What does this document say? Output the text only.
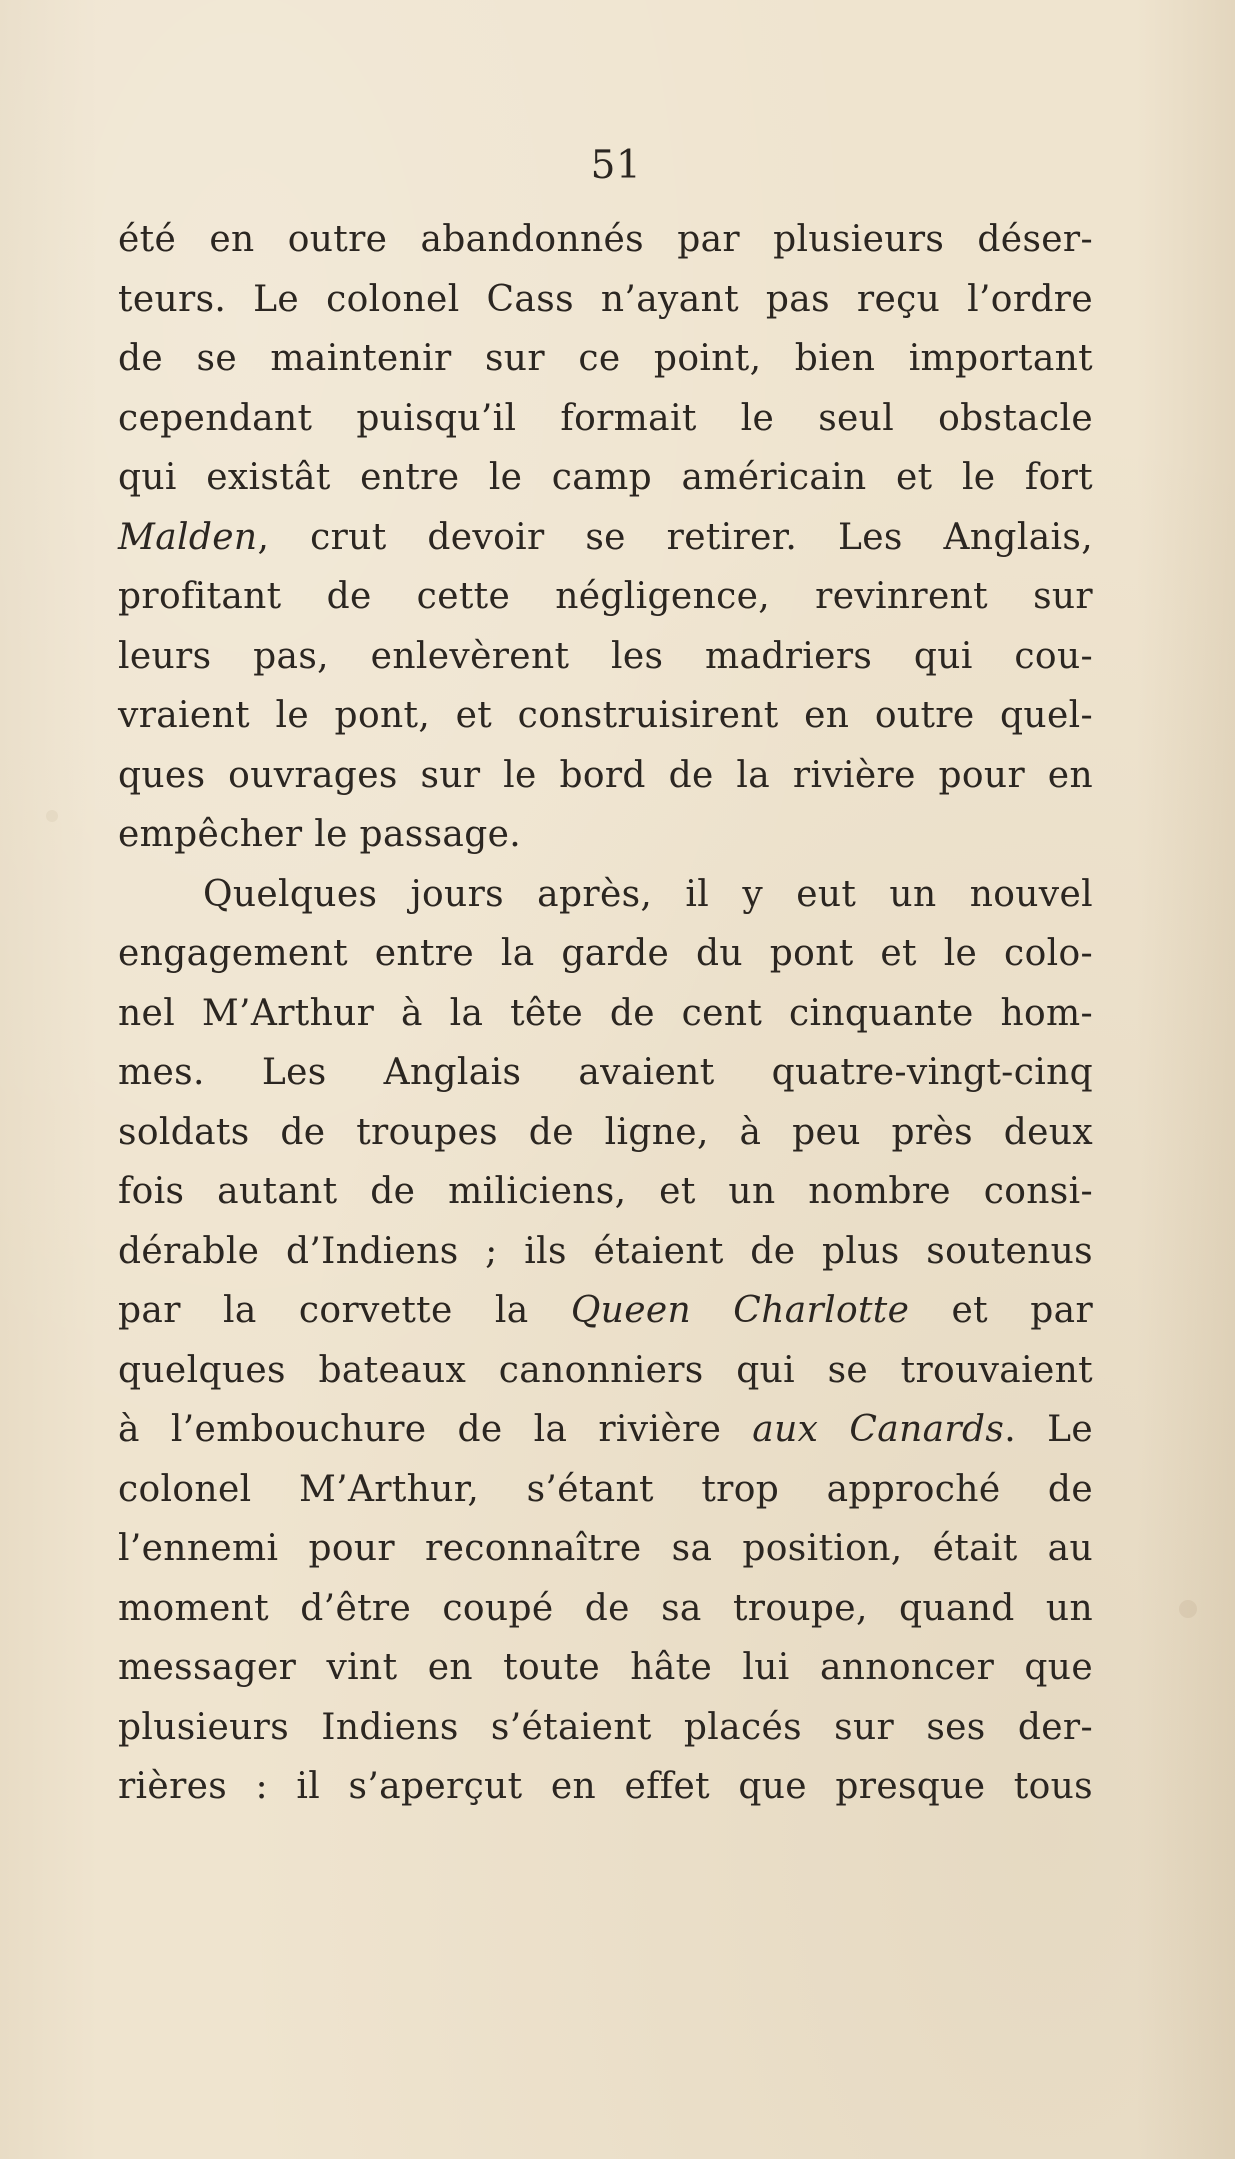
51
été en outre abandonnés par plusieurs déser-
teurs. Le colonel Cass n’ayant pas reçu l’ordre
de se maintenir sur ce point, bien important
cependant puisqu’il formait le seul obstacle
qui existât entre le camp américain et le fort
Malden, crut devoir se retirer. Les Anglais,
profitant de cette négligence, revinrent sur
leurs pas, enlevèrent les madriers qui cou-
vraient le pont, et construisirent en outre quel-
ques ouvrages sur le bord de la rivière pour en
empêcher le passage.
Quelques jours après, il y eut un nouvel
engagement entre la garde du pont et le colo-
nel M’Arthur à la tête de cent cinquante hom-
mes. Les Anglais avaient quatre-vingt-cinq
soldats de troupes de ligne, à peu près deux
fois autant de miliciens, et un nombre consi-
dérable d’Indiens ; ils étaient de plus soutenus
par la corvette la Queen Charlotte et par
quelques bateaux canonniers qui se trouvaient
à l’embouchure de la rivière aux Canards. Le
colonel M’Arthur, s’étant trop approché de
l’ennemi pour reconnaître sa position, était au
moment d’être coupé de sa troupe, quand un
messager vint en toute hâte lui annoncer que
plusieurs Indiens s’étaient placés sur ses der-
rières : il s’aperçut en effet que presque tous
